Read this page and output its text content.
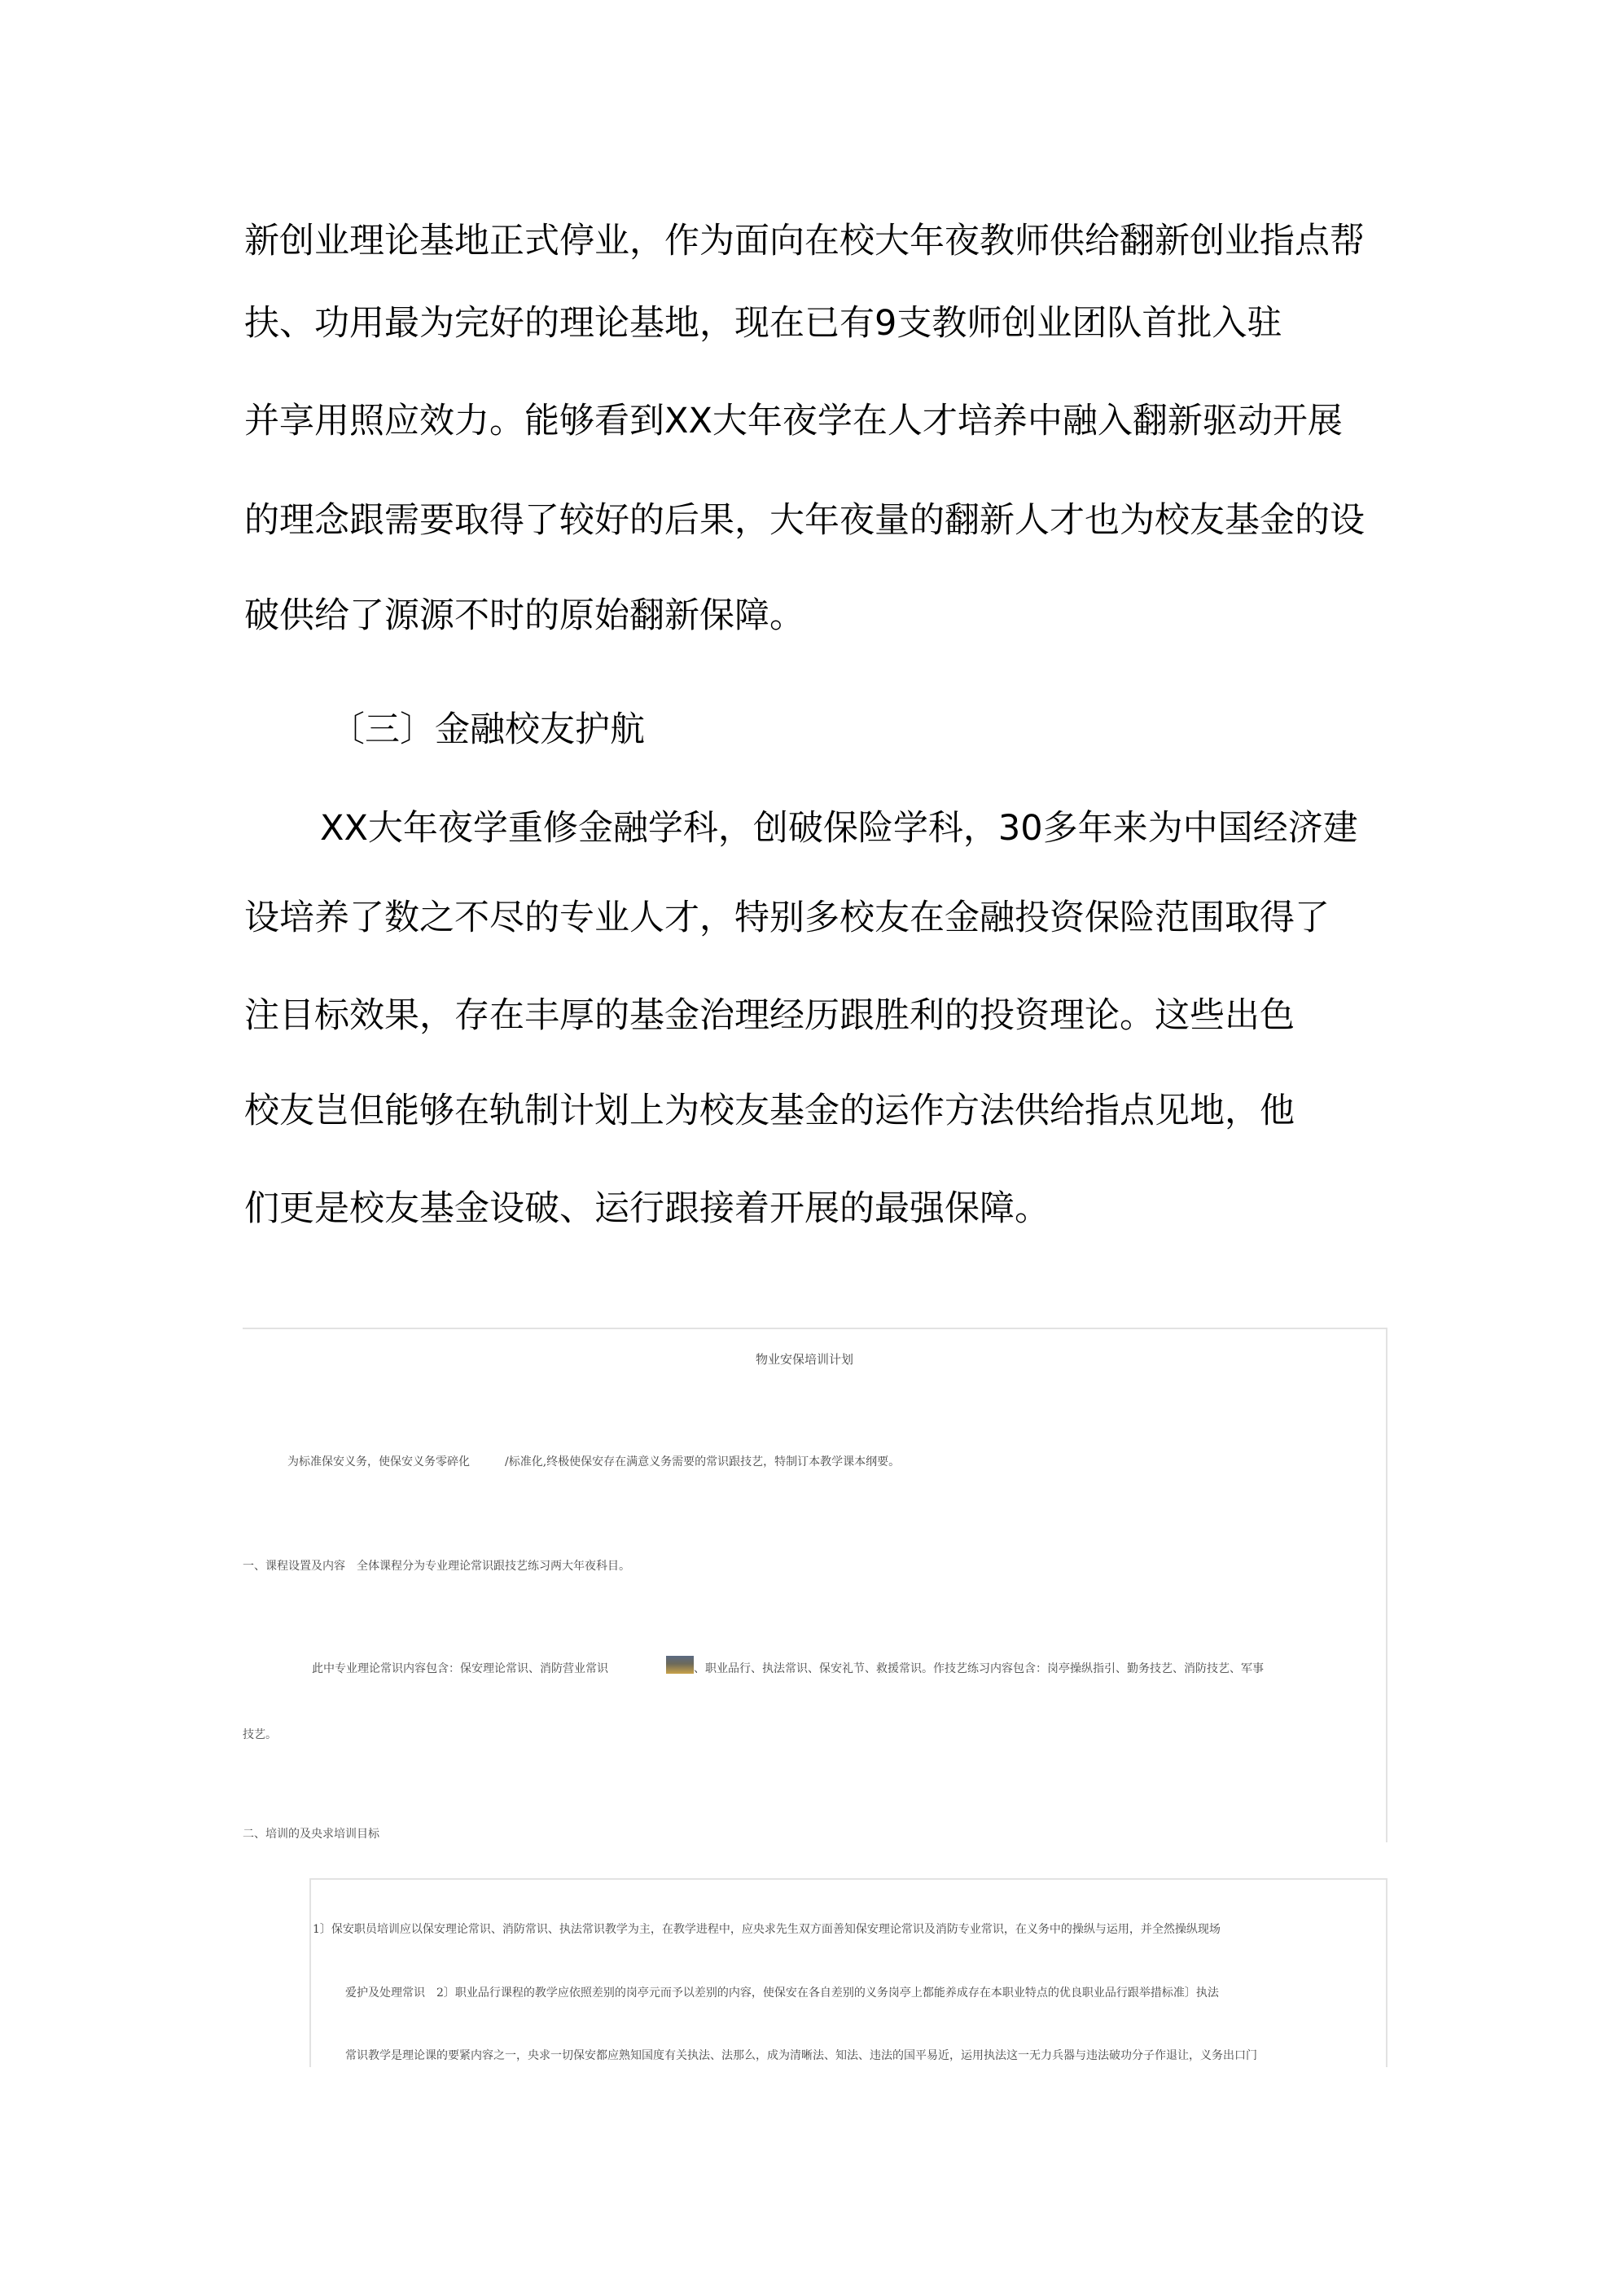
新创业理论基地正式停业，作为面向在校大年夜教师供给翻新创业指点帮
扶、功用最为完好的理论基地，现在已有9支教师创业团队首批入驻
并享用照应效力。能够看到XX大年夜学在人才培养中融入翻新驱动开展
的理念跟需要取得了较好的后果，大年夜量的翻新人才也为校友基金的设
破供给了源源不时的原始翻新保障。
〔三〕金融校友护航
XX大年夜学重修金融学科，创破保险学科，30多年来为中国经济建
设培养了数之不尽的专业人才，特别多校友在金融投资保险范围取得了
注目标效果，存在丰厚的基金治理经历跟胜利的投资理论。这些出色
校友岂但能够在轨制计划上为校友基金的运作方法供给指点见地，他
们更是校友基金设破、运行跟接着开展的最强保障。
物业安保培训计划
为标准保安义务，使保安义务零碎化	/标准化,终极使保安存在满意义务需要的常识跟技艺，特制订本教学课本纲要。
一、课程设置及内容　全体课程分为专业理论常识跟技艺练习两大年夜科目。
此中专业理论常识内容包含：保安理论常识、消防营业常识	、职业品行、执法常识、保安礼节、救援常识。作技艺练习内容包含：岗亭操纵指引、勤务技艺、消防技艺、军事
技艺。
二、培训的及央求培训目标
1〕保安职员培训应以保安理论常识、消防常识、执法常识教学为主，在教学进程中，应央求先生双方面善知保安理论常识及消防专业常识，在义务中的操纵与运用，并全然操纵现场
爱护及处理常识　2〕职业品行课程的教学应依照差别的岗亭元而予以差别的内容，使保安在各自差别的义务岗亭上都能养成存在本职业特点的优良职业品行跟举措标准〕执法
常识教学是理论课的要紧内容之一，央求一切保安都应熟知国度有关执法、法那么，成为清晰法、知法、违法的国平易近，运用执法这一无力兵器与违法破功分子作退让，义务出口门
